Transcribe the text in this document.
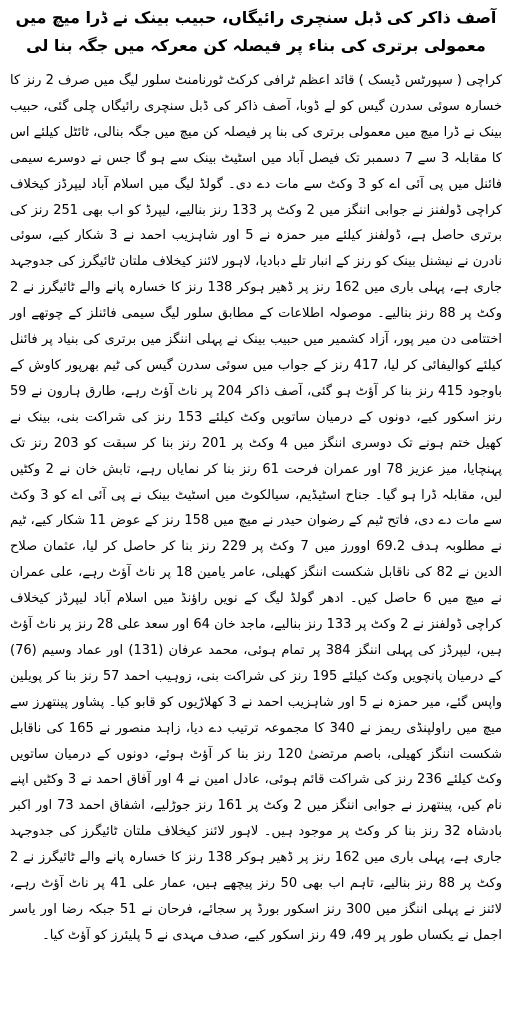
آصف ذاکر کی ڈبل سنچری رائیگاں، حبیب بینک نے ڈرا میچ میں معمولی برتری کی بناء پر فیصلہ کن معرکہ میں جگہ بنا لی

کراچی ( سپورٹس ڈیسک ) قائد اعظم ٹرافی کرکٹ ٹورنامنٹ سلور لیگ میں صرف 2 رنز کا خسارہ سوئی سدرن گیس کو لے ڈوبا، آصف ذاکر کی ڈبل سنچری رائیگاں چلی گئی، حبیب بینک نے ڈرا میچ میں معمولی برتری کی بنا پر فیصلہ کن میچ میں جگہ بنالی، ٹائٹل کیلئے اس کا مقابلہ 3 سے 7 دسمبر تک فیصل آباد میں اسٹیٹ بینک سے ہو گا جس نے دوسرے سیمی فائنل میں پی آئی اے کو 3 وکٹ سے مات دے دی۔ گولڈ لیگ میں اسلام آباد لیپرڈز کیخلاف کراچی ڈولفنز نے جوابی اننگز میں 2 وکٹ پر 133 رنز بنالیے، لیپرڈ کو اب بھی 251 رنز کی برتری حاصل ہے، ڈولفنز کیلئے میر حمزہ نے 5 اور شاہزیب احمد نے 3 شکار کیے، سوئی نادرن نے نیشنل بینک کو رنز کے انبار تلے دبادیا، لاہور لائنز کیخلاف ملتان ٹائیگرز کی جدوجہد جاری ہے، پہلی باری میں 162 رنز پر ڈھیر ہوکر 138 رنز کا خسارہ پانے والے ٹائیگرز نے 2 وکٹ پر 88 رنز بنالیے۔ موصولہ اطلاعات کے مطابق سلور لیگ سیمی فائنلز کے چوتھے اور اختتامی دن میر پور، آزاد کشمیر میں حبیب بینک نے پہلی اننگز میں برتری کی بنیاد پر فائنل کیلئے کوالیفائی کر لیا، 417 رنز کے جواب میں سوئی سدرن گیس کی ٹیم بھرپور کاوش کے باوجود 415 رنز بنا کر آؤٹ ہو گئی، آصف ذاکر 204 پر ناٹ آؤٹ رہے، طارق ہارون نے 59 رنز اسکور کیے، دونوں کے درمیان ساتویں وکٹ کیلئے 153 رنز کی شراکت بنی، بینک نے کھیل ختم ہونے تک دوسری اننگز میں 4 وکٹ پر 201 رنز بنا کر سبقت کو 203 رنز تک پہنچایا، میز عزیز 78 اور عمران فرحت 61 رنز بنا کر نمایاں رہے، تابش خان نے 2 وکٹیں لیں، مقابلہ ڈرا ہو گیا۔ جناح اسٹیڈیم، سیالکوٹ میں اسٹیٹ بینک نے پی آئی اے کو 3 وکٹ سے مات دے دی، فاتح ٹیم کے رضوان حیدر نے میچ میں 158 رنز کے عوض 11 شکار کیے، ٹیم نے مطلوبہ ہدف 69.2 اوورز میں 7 وکٹ پر 229 رنز بنا کر حاصل کر لیا، عثمان صلاح الدین نے 82 کی ناقابل شکست اننگز کھیلی، عامر یامین 18 پر ناٹ آؤٹ رہے، علی عمران نے میچ میں 6 حاصل کیں۔ ادھر گولڈ لیگ کے نویں راؤنڈ میں اسلام آباد لیپرڈز کیخلاف کراچی ڈولفنز نے 2 وکٹ پر 133 رنز بنالیے، ماجد خان 64 اور سعد علی 28 رنز پر ناٹ آؤٹ ہیں، لیپرڈز کی پہلی اننگز 384 پر تمام ہوئی، محمد عرفان (131) اور عماد وسیم (76) کے درمیان پانچویں وکٹ کیلئے 195 رنز کی شراکت بنی، زوہیب احمد 57 رنز بنا کر پویلین واپس گئے، میر حمزہ نے 5 اور شاہزیب احمد نے 3 کھلاڑیوں کو قابو کیا۔ پشاور پینتھرز سے میچ میں راولپنڈی ریمز نے 340 کا مجموعہ ترتیب دے دیا، زاہد منصور نے 165 کی ناقابل شکست اننگز کھیلی، باصم مرتضیٰ 120 رنز بنا کر آؤٹ ہوئے، دونوں کے درمیان ساتویں وکٹ کیلئے 236 رنز کی شراکت قائم ہوئی، عادل امین نے 4 اور آفاق احمد نے 3 وکٹیں اپنے نام کیں، پینتھرز نے جوابی اننگز میں 2 وکٹ پر 161 رنز جوڑلیے، اشفاق احمد 73 اور اکبر بادشاہ 32 رنز بنا کر وکٹ پر موجود ہیں۔ لاہور لائنز کیخلاف ملتان ٹائیگرز کی جدوجہد جاری ہے، پہلی باری میں 162 رنز پر ڈھیر ہوکر 138 رنز کا خسارہ پانے والے ٹائیگرز نے 2 وکٹ پر 88 رنز بنالیے، تاہم اب بھی 50 رنز پیچھے ہیں، عمار علی 41 پر ناٹ آؤٹ رہے، لائنز نے پہلی اننگز میں 300 رنز اسکور بورڈ پر سجائے، فرحان نے 51 جبکہ رضا اور یاسر اجمل نے یکساں طور پر 49، 49 رنز اسکور کیے، صدف مہدی نے 5 پلیئرز کو آؤٹ کیا۔
